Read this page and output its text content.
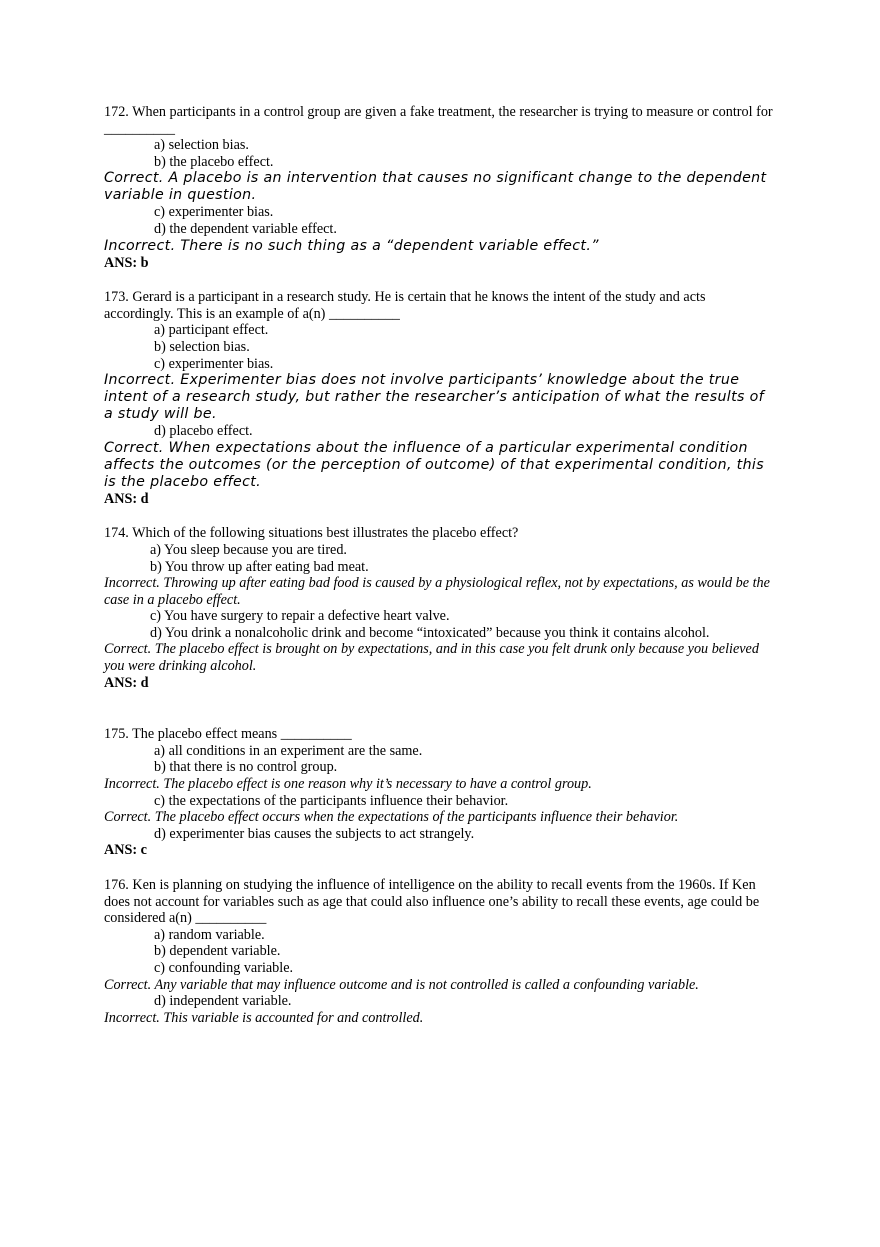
172. When participants in a control group are given a fake treatment, the researcher is trying to measure or control for __________

a) selection bias.

b) the placebo effect.

Correct. A placebo is an intervention that causes no significant change to the dependent variable in question.

c) experimenter bias.

d) the dependent variable effect.

Incorrect. There is no such thing as a “dependent variable effect.”

ANS: b

173. Gerard is a participant in a research study. He is certain that he knows the intent of the study and acts accordingly. This is an example of a(n) __________

a) participant effect.

b) selection bias.

c) experimenter bias.

Incorrect. Experimenter bias does not involve participants’ knowledge about the true intent of a research study, but rather the researcher’s anticipation of what the results of a study will be.

d) placebo effect.

Correct. When expectations about the influence of a particular experimental condition affects the outcomes (or the perception of outcome) of that experimental condition, this is the placebo effect.

ANS: d

174. Which of the following situations best illustrates the placebo effect?

a) You sleep because you are tired.

b) You throw up after eating bad meat.

Incorrect. Throwing up after eating bad food is caused by a physiological reflex, not by expectations, as would be the case in a placebo effect.

c) You have surgery to repair a defective heart valve.

d) You drink a nonalcoholic drink and become “intoxicated” because you think it contains alcohol.

Correct. The placebo effect is brought on by expectations, and in this case you felt drunk only because you believed you were drinking alcohol.

ANS: d

175. The placebo effect means __________

a) all conditions in an experiment are the same.

b) that there is no control group.

Incorrect. The placebo effect is one reason why it’s necessary to have a control group.

c) the expectations of the participants influence their behavior.

Correct. The placebo effect occurs when the expectations of the participants influence their behavior.

d) experimenter bias causes the subjects to act strangely.

ANS: c

176. Ken is planning on studying the influence of intelligence on the ability to recall events from the 1960s. If Ken does not account for variables such as age that could also influence one’s ability to recall these events, age could be considered a(n) __________

a) random variable.

b) dependent variable.

c) confounding variable.

Correct. Any variable that may influence outcome and is not controlled is called a confounding variable.

d) independent variable.

Incorrect. This variable is accounted for and controlled.
